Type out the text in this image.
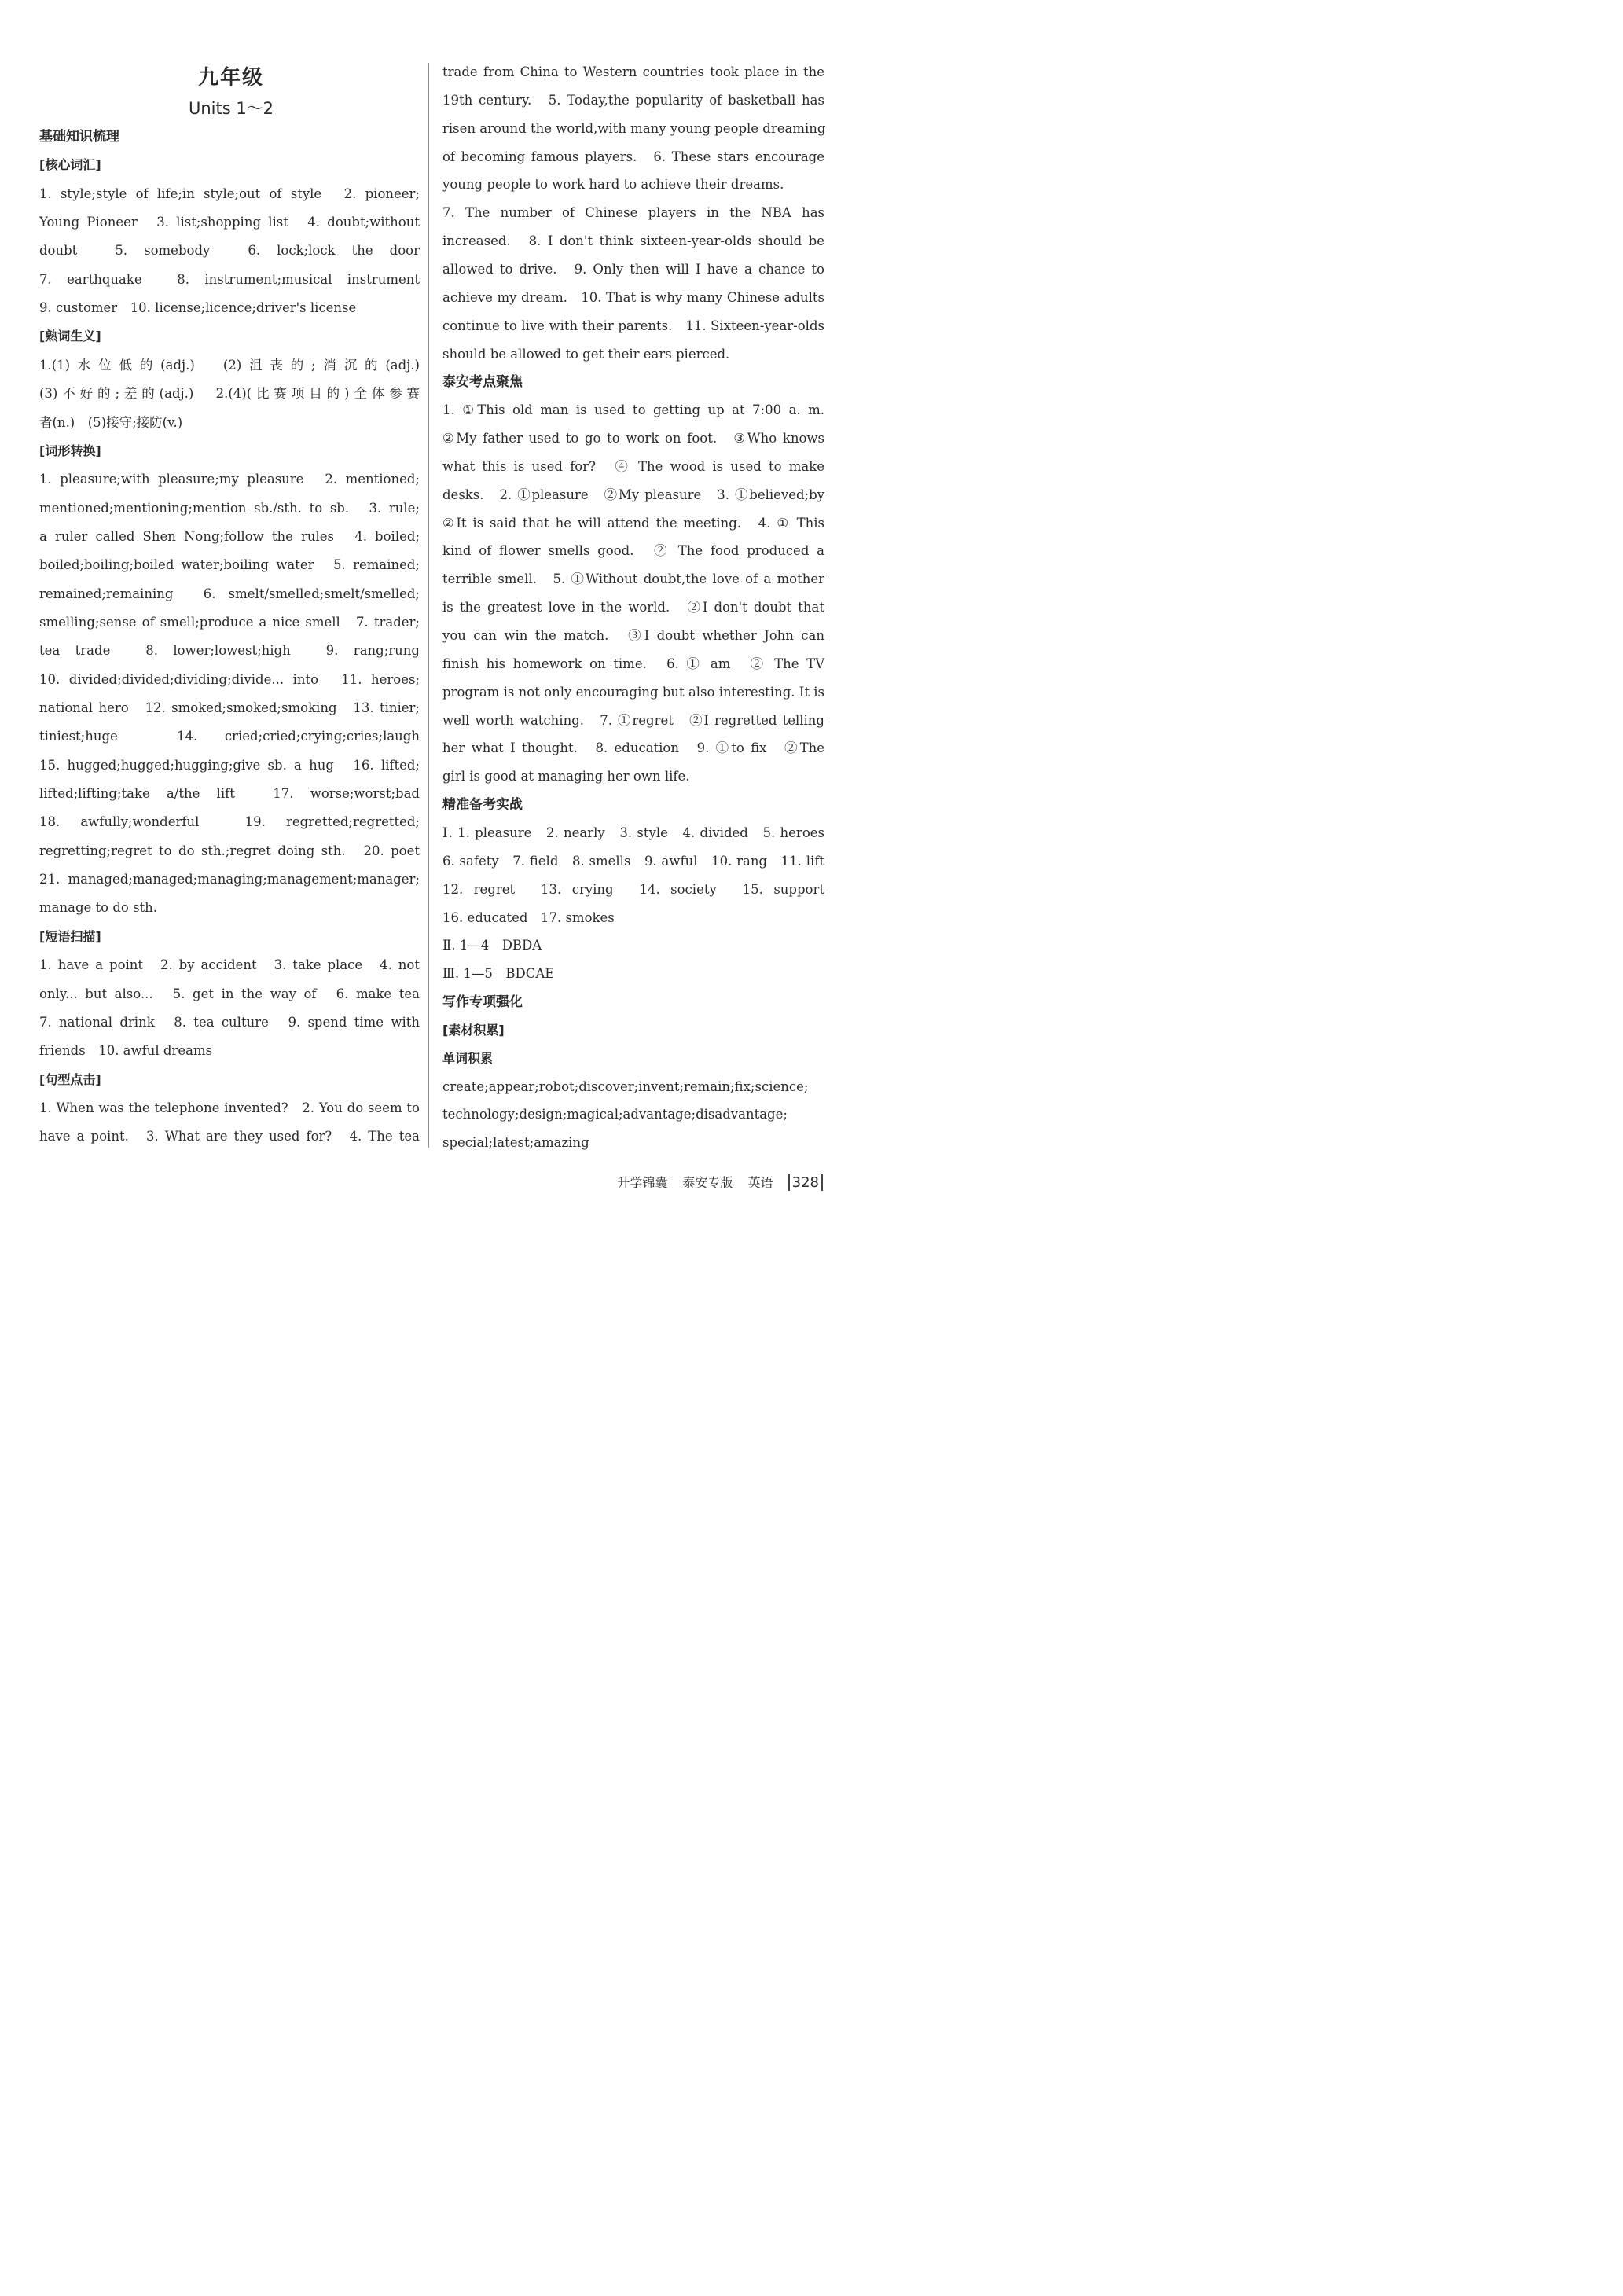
九年级
Units 1～2
基础知识梳理
[核心词汇]
1. style;style of life;in style;out of style　2. pioneer;
Young Pioneer　3. list;shopping list　4. doubt;without
doubt　5. somebody　6. lock;lock the door
7. earthquake　8. instrument;musical instrument
9. customer　10. license;licence;driver's license
[熟词生义]
1.(1)水位低的(adj.)　(2)沮丧的;消沉的(adj.)
(3)不好的;差的(adj.)　2.(4)(比赛项目的)全体参赛
者(n.)　(5)接守;接防(v.)
[词形转换]
1. pleasure;with pleasure;my pleasure　2. mentioned;
mentioned;mentioning;mention sb./sth. to sb.　3. rule;
a ruler called Shen Nong;follow the rules　4. boiled;
boiled;boiling;boiled water;boiling water　5. remained;
remained;remaining　6. smelt/smelled;smelt/smelled;
smelling;sense of smell;produce a nice smell　7. trader;
tea trade　8. lower;lowest;high　9. rang;rung
10. divided;divided;dividing;divide... into　11. heroes;
national hero　12. smoked;smoked;smoking　13. tinier;
tiniest;huge　14. cried;cried;crying;cries;laugh
15. hugged;hugged;hugging;give sb. a hug　16. lifted;
lifted;lifting;take a/the lift　17. worse;worst;bad
18. awfully;wonderful　19. regretted;regretted;
regretting;regret to do sth.;regret doing sth.　20. poet
21. managed;managed;managing;management;manager;
manage to do sth.
[短语扫描]
1. have a point　2. by accident　3. take place　4. not
only... but also...　5. get in the way of　6. make tea
7. national drink　8. tea culture　9. spend time with
friends　10. awful dreams
[句型点击]
1. When was the telephone invented?　2. You do seem to
have a point.　3. What are they used for?　4. The tea
trade from China to Western countries took place in the
19th century.　5. Today,the popularity of basketball has
risen around the world,with many young people dreaming
of becoming famous players.　6. These stars encourage
young people to work hard to achieve their dreams.
7. The number of Chinese players in the NBA has
increased.　8. I don't think sixteen-year-olds should be
allowed to drive.　9. Only then will I have a chance to
achieve my dream.　10. That is why many Chinese adults
continue to live with their parents.　11. Sixteen-year-olds
should be allowed to get their ears pierced.
泰安考点聚焦
1. ①This old man is used to getting up at 7:00 a. m.
②My father used to go to work on foot.　③Who knows
what this is used for?　④ The wood is used to make
desks.　2. ①pleasure　②My pleasure　3. ①believed;by
②It is said that he will attend the meeting.　4. ① This
kind of flower smells good.　② The food produced a
terrible smell.　5. ①Without doubt,the love of a mother
is the greatest love in the world.　②I don't doubt that
you can win the match.　③I doubt whether John can
finish his homework on time.　6. ① am　② The TV
program is not only encouraging but also interesting. It is
well worth watching.　7. ①regret　②I regretted telling
her what I thought.　8. education　9. ①to fix　②The
girl is good at managing her own life.
精准备考实战
Ⅰ. 1. pleasure　2. nearly　3. style　4. divided　5. heroes
6. safety　7. field　8. smells　9. awful　10. rang　11. lift
12. regret　13. crying　14. society　15. support
16. educated　17. smokes
Ⅱ. 1—4　DBDA
Ⅲ. 1—5　BDCAE
写作专项强化
[素材积累]
单词积累
create;appear;robot;discover;invent;remain;fix;science;
technology;design;magical;advantage;disadvantage;
special;latest;amazing
升学锦囊 泰安专版 英语 328
